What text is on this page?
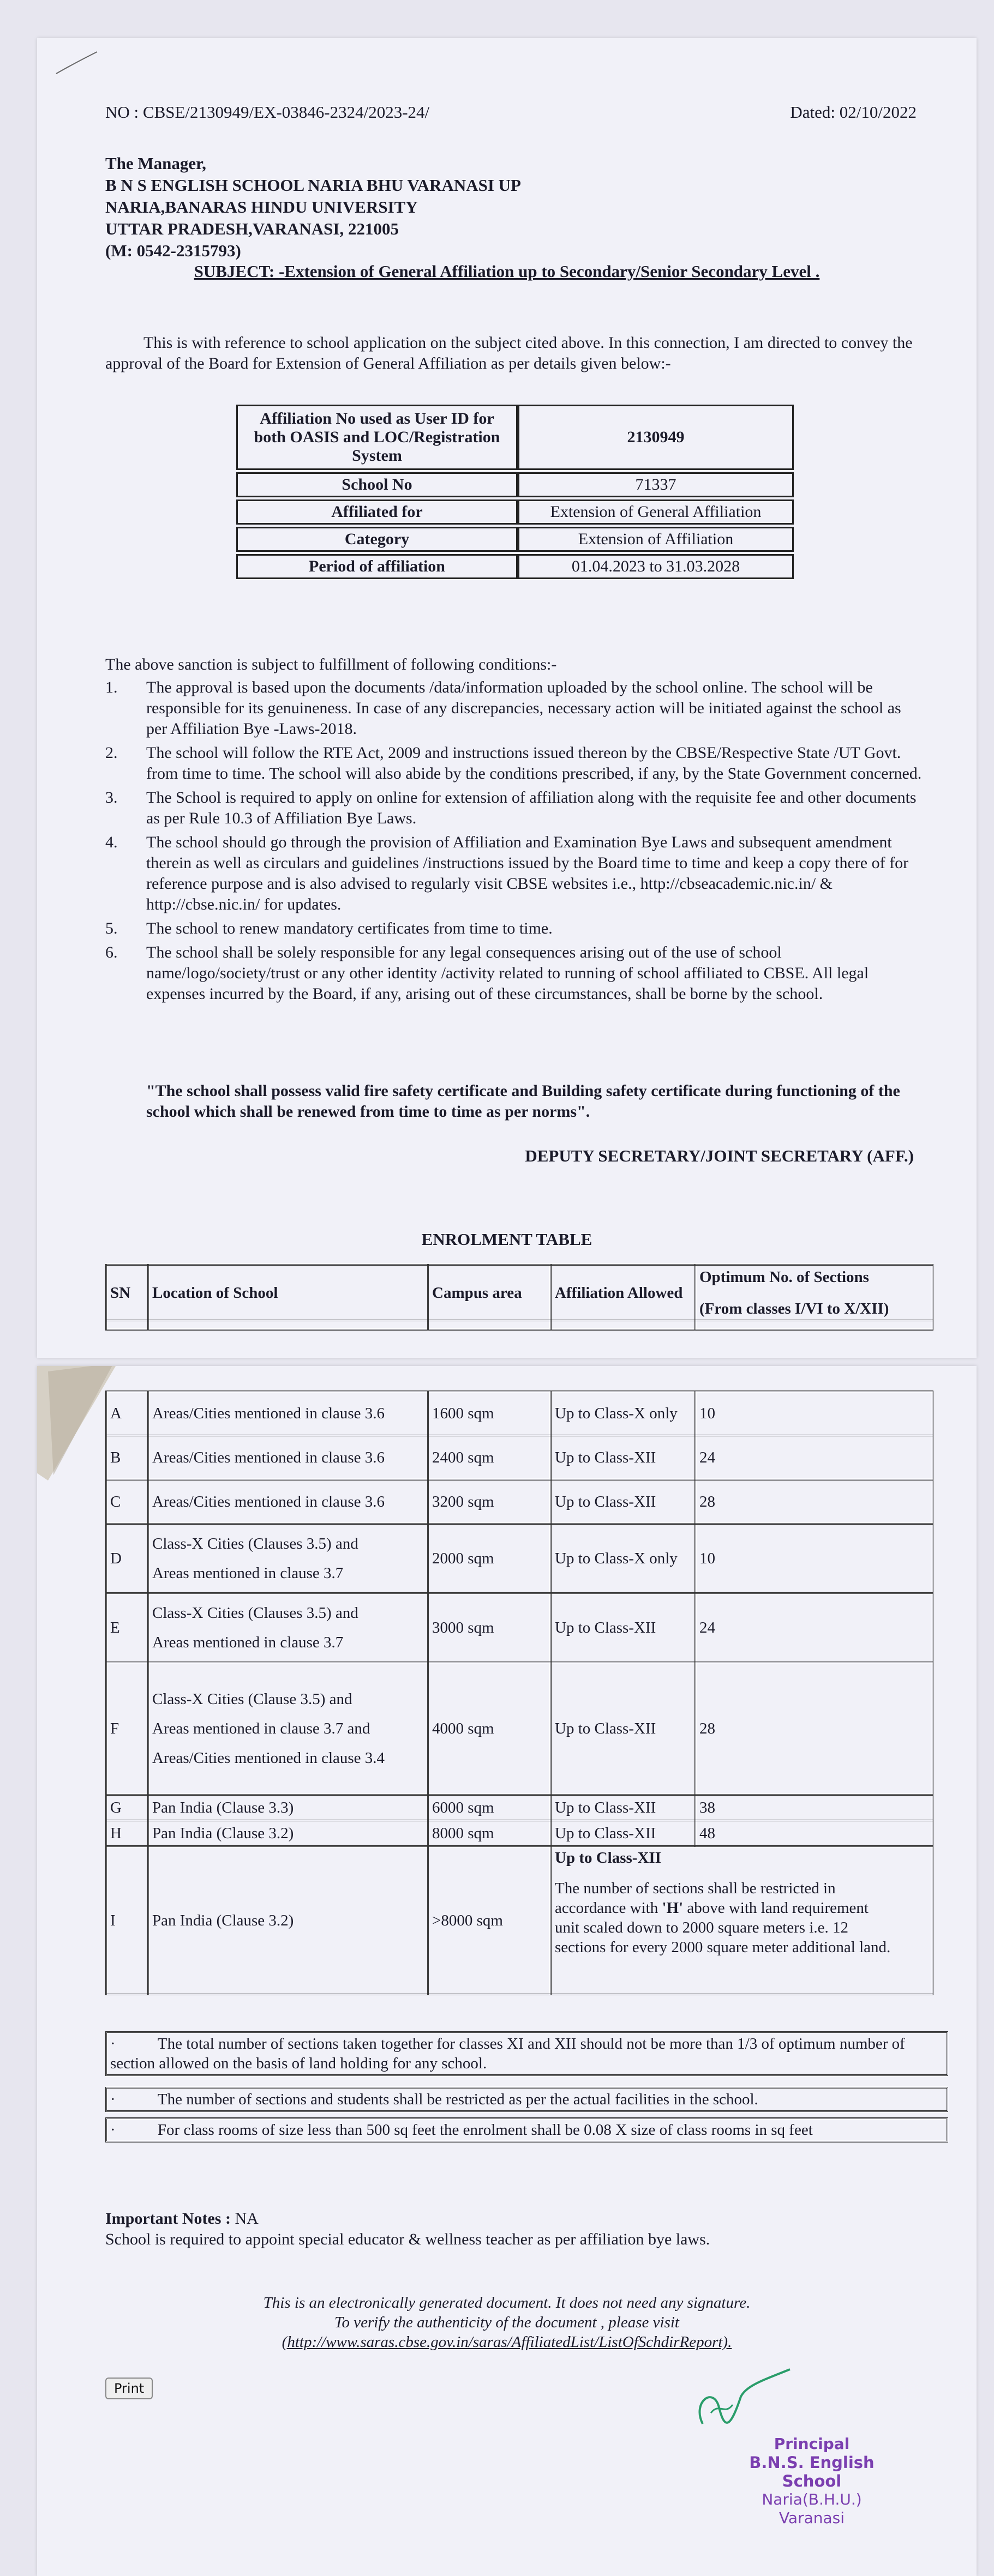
NO : CBSE/2130949/EX-03846-2324/2023-24/	Dated: 02/10/2022
The Manager,
B N S ENGLISH SCHOOL NARIA BHU VARANASI UP
NARIA,BANARAS HINDU UNIVERSITY
UTTAR PRADESH,VARANASI, 221005
(M: 0542-2315793)
SUBJECT: -Extension of General Affiliation up to Secondary/Senior Secondary Level .
This is with reference to school application on the subject cited above. In this connection, I am directed to convey the approval of the Board for Extension of General Affiliation as per details given below:-
Affiliation No used as User ID for both OASIS and LOC/Registration System	2130949
School No	71337
Affiliated for	Extension of General Affiliation
Category	Extension of Affiliation
Period of affiliation	01.04.2023 to 31.03.2028
The above sanction is subject to fulfillment of following conditions:-
1.	The approval is based upon the documents /data/information uploaded by the school online. The school will be responsible for its genuineness. In case of any discrepancies, necessary action will be initiated against the school as per Affiliation Bye -Laws-2018.
2.	The school will follow the RTE Act, 2009 and instructions issued thereon by the CBSE/Respective State /UT Govt. from time to time. The school will also abide by the conditions prescribed, if any, by the State Government concerned.
3.	The School is required to apply on online for extension of affiliation along with the requisite fee and other documents as per Rule 10.3 of Affiliation Bye Laws.
4.	The school should go through the provision of Affiliation and Examination Bye Laws and subsequent amendment therein as well as circulars and guidelines /instructions issued by the Board time to time and keep a copy there of for reference purpose and is also advised to regularly visit CBSE websites i.e., http://cbseacademic.nic.in/ & http://cbse.nic.in/ for updates.
5.	The school to renew mandatory certificates from time to time.
6.	The school shall be solely responsible for any legal consequences arising out of the use of school name/logo/society/trust or any other identity /activity related to running of school affiliated to CBSE. All legal expenses incurred by the Board, if any, arising out of these circumstances, shall be borne by the school.
"The school shall possess valid fire safety certificate and Building safety certificate during functioning of the school which shall be renewed from time to time as per norms".
DEPUTY SECRETARY/JOINT SECRETARY (AFF.)
ENROLMENT TABLE
SN	Location of School	Campus area	Affiliation Allowed	Optimum No. of Sections
(From classes I/VI to X/XII)

A	Areas/Cities mentioned in clause 3.6	1600 sqm	Up to Class-X only	10
B	Areas/Cities mentioned in clause 3.6	2400 sqm	Up to Class-XII	24
C	Areas/Cities mentioned in clause 3.6	3200 sqm	Up to Class-XII	28
D	Class-X Cities (Clauses 3.5) and
Areas mentioned in clause 3.7	2000 sqm	Up to Class-X only	10
E	Class-X Cities (Clauses 3.5) and
Areas mentioned in clause 3.7	3000 sqm	Up to Class-XII	24
F	Class-X Cities (Clause 3.5) and
Areas mentioned in clause 3.7 and
Areas/Cities mentioned in clause 3.4	4000 sqm	Up to Class-XII	28
G	Pan India (Clause 3.3)	6000 sqm	Up to Class-XII	38
H	Pan India (Clause 3.2)	8000 sqm	Up to Class-XII	48
I	Pan India (Clause 3.2)	>8000 sqm	Up to Class-XII
The number of sections shall be restricted in accordance with 'H' above with land requirement unit scaled down to 2000 square meters i.e. 12 sections for every 2000 square meter additional land.	
·	The total number of sections taken together for classes XI and XII should not be more than 1/3 of optimum number of section allowed on the basis of land holding for any school.
·	The number of sections and students shall be restricted as per the actual facilities in the school.
·	For class rooms of size less than 500 sq feet the enrolment shall be 0.08 X size of class rooms in sq feet
Important Notes : NA
School is required to appoint special educator & wellness teacher as per affiliation bye laws.
This is an electronically generated document. It does not need any signature.
To verify the authenticity of the document , please visit
(http://www.saras.cbse.gov.in/saras/AffiliatedList/ListOfSchdirReport).
Print
Principal
B.N.S. English School
Naria(B.H.U.) Varanasi
